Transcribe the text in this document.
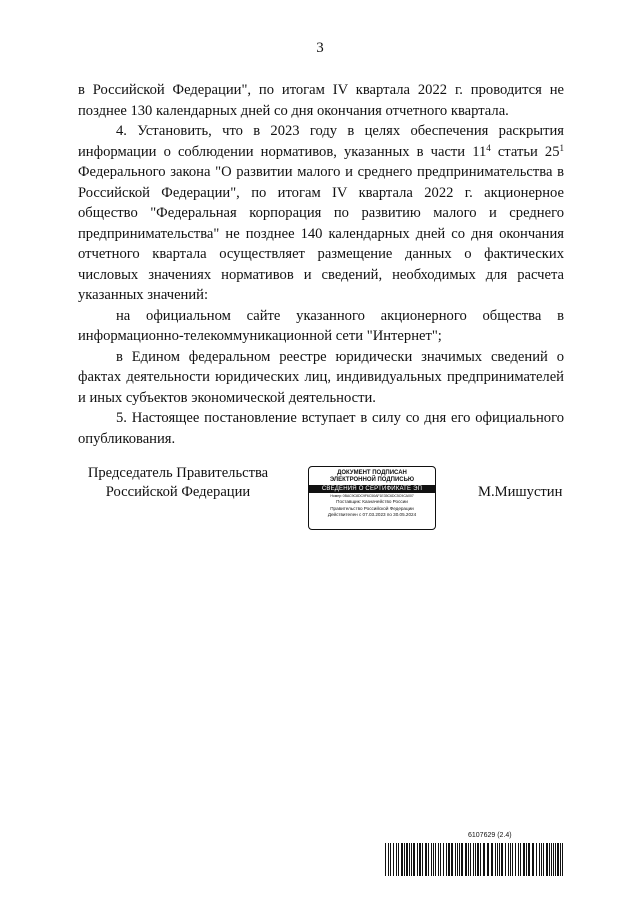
3

в Российской Федерации", по итогам IV квартала 2022 г. проводится не позднее 130 календарных дней со дня окончания отчетного квартала.

4. Установить, что в 2023 году в целях обеспечения раскрытия информации о соблюдении нормативов, указанных в части $11^4$ статьи $25^1$ Федерального закона "О развитии малого и среднего предпринимательства в Российской Федерации", по итогам IV квартала 2022 г. акционерное общество "Федеральная корпорация по развитию малого и среднего предпринимательства" не позднее 140 календарных дней со дня окончания отчетного квартала осуществляет размещение данных о фактических числовых значениях нормативов и сведений, необходимых для расчета указанных значений:

на официальном сайте указанного акционерного общества в информационно-телекоммуникационной сети "Интернет";

в Едином федеральном реестре юридически значимых сведений о фактах деятельности юридических лиц, индивидуальных предпринимателей и иных субъектов экономической деятельности.

5. Настоящее постановление вступает в силу со дня его официального опубликования.

Председатель Правительства
Российской Федерации
ДОКУМЕНТ ПОДПИСАН
ЭЛЕКТРОННОЙ ПОДПИСЬЮ
СВЕДЕНИЯ О СЕРТИФИКАТЕ ЭП
Номер: 0BAC9C8DC9F6C50AF1E35C6DC5C9CA007
Поставщик: Казначейство России
Правительство Российской Федерации
Действителен с 07.03.2023 по 30.05.2024
М.Мишустин
6107629 (2.4)
